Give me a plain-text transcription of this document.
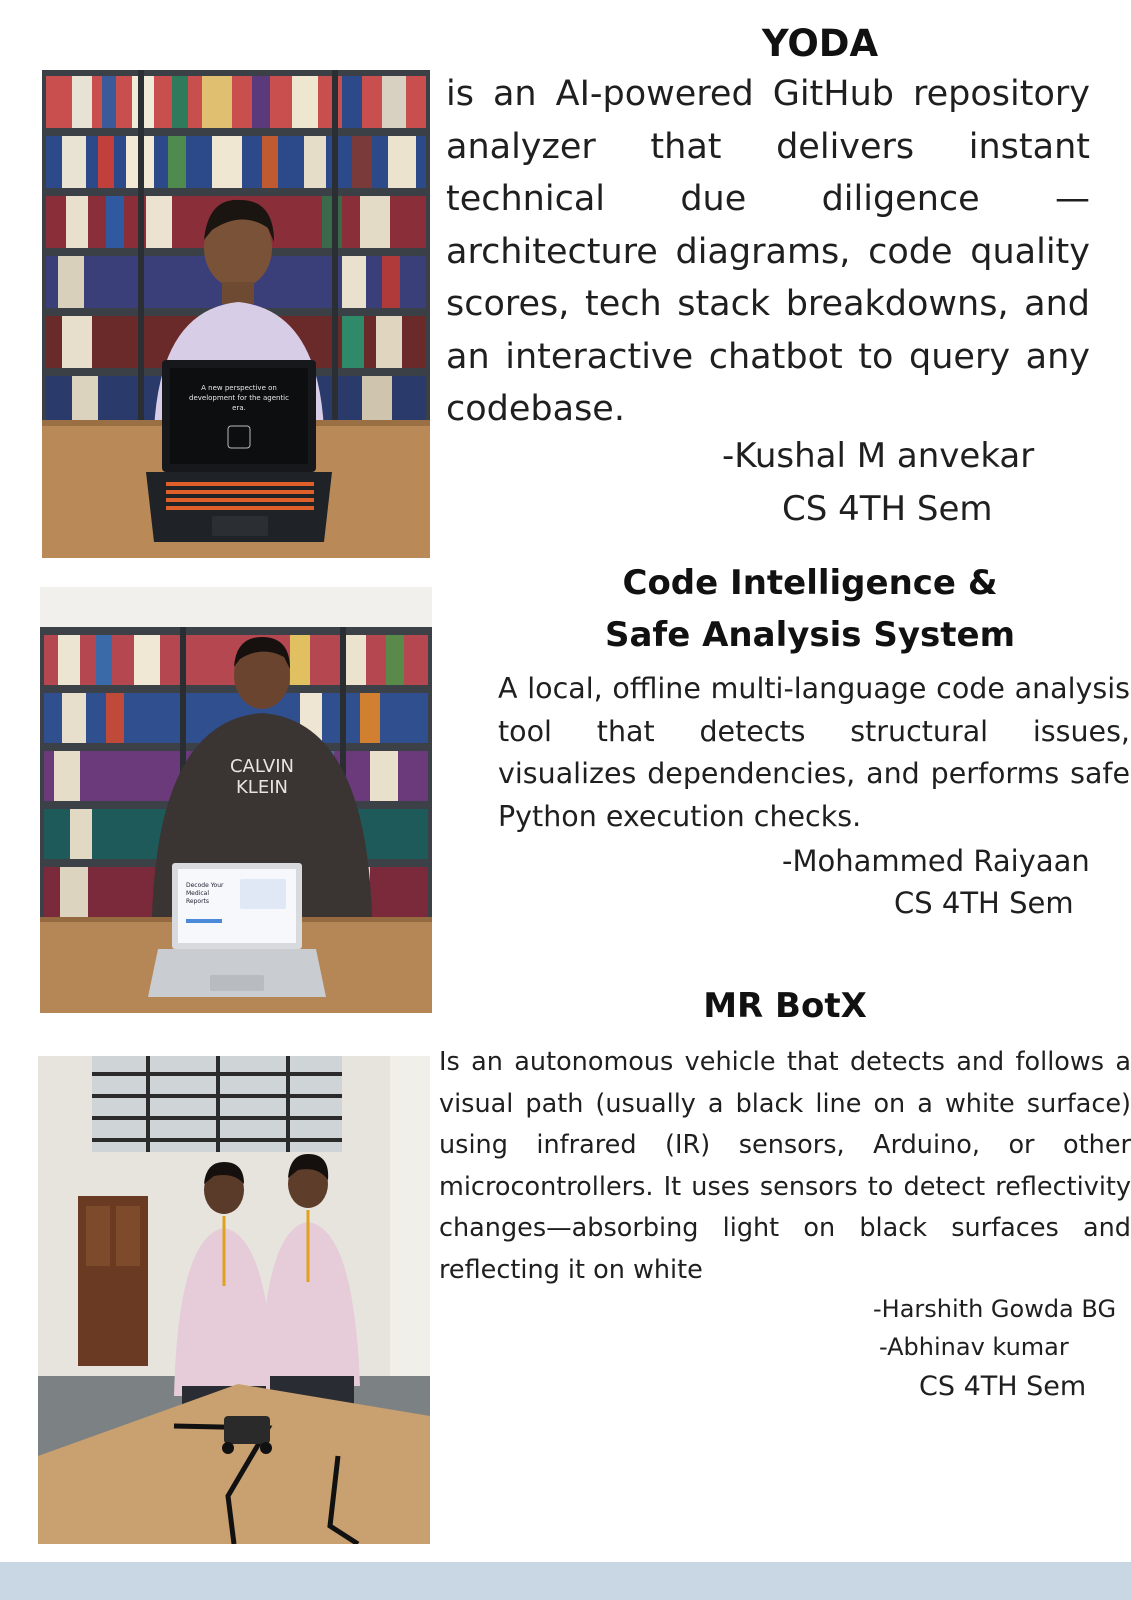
A new perspective on
development for the agentic
era.
YODA
is an AI-powered GitHub repository analyzer that delivers instant technical due diligence — architecture diagrams, code quality scores, tech stack breakdowns, and an interactive chatbot to query any codebase.
-Kushal M anvekar
CS 4TH Sem
CALVIN
KLEIN
Decode Your
Medical
Reports
Code Intelligence &
Safe Analysis System
A local, offline multi-language code analysis tool that detects structural issues, visualizes dependencies, and performs safe Python execution checks.
-Mohammed Raiyaan
CS 4TH Sem
MR BotX
Is an autonomous vehicle that detects and follows a visual path (usually a black line on a white surface) using infrared (IR) sensors, Arduino, or other microcontrollers. It uses sensors to detect reflectivity changes—absorbing light on black surfaces and reflecting it on white
-Harshith Gowda BG
-Abhinav kumar
CS 4TH Sem
